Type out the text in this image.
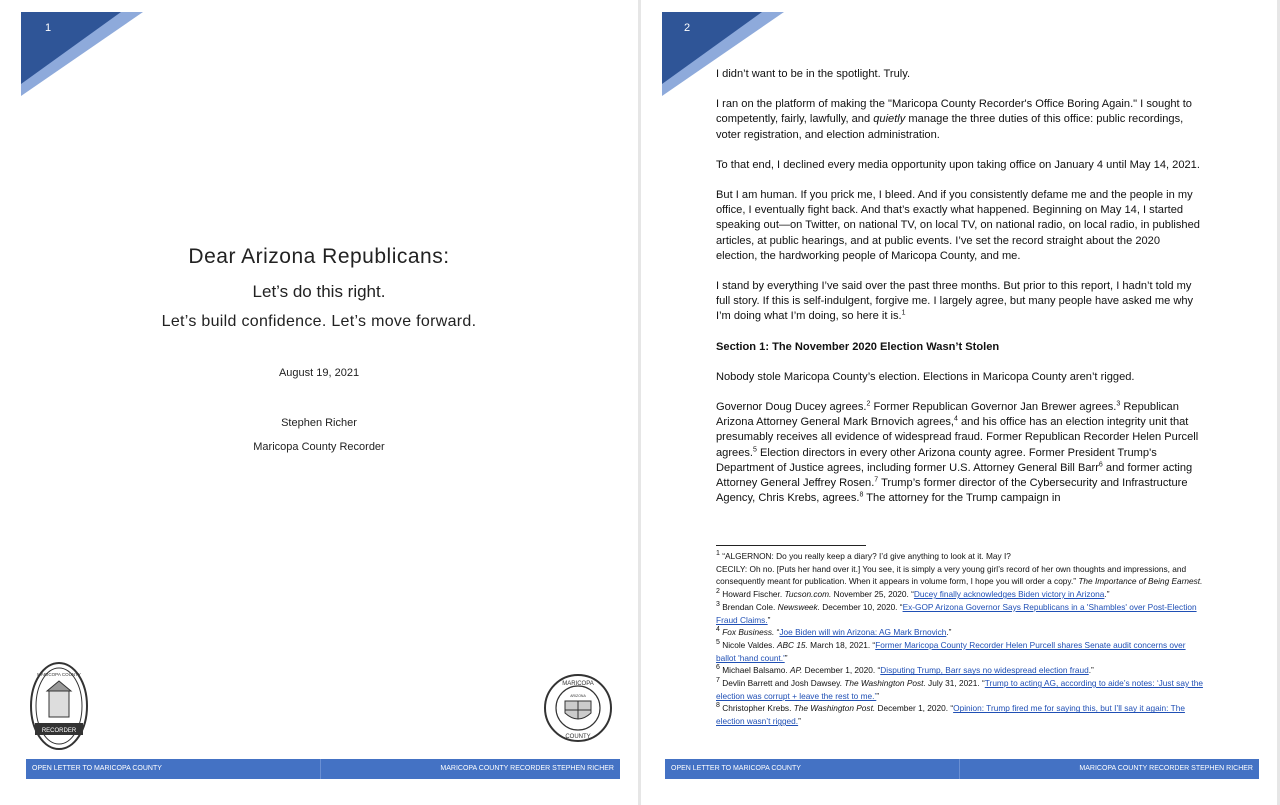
1
Dear Arizona Republicans:
Let’s do this right.
Let’s build confidence. Let’s move forward.
August 19, 2021
Stephen Richer
Maricopa County Recorder
RECORDER
MARICOPA COUNTY
MARICOPA
COUNTY
ARIZONA
OPEN LETTER TO MARICOPA COUNTY	MARICOPA COUNTY RECORDER STEPHEN RICHER
2

I didn’t want to be in the spotlight. Truly.

I ran on the platform of making the "Maricopa County Recorder's Office Boring Again." I sought to competently, fairly, lawfully, and quietly manage the three duties of this office: public recordings, voter registration, and election administration.

To that end, I declined every media opportunity upon taking office on January 4 until May 14, 2021.

But I am human. If you prick me, I bleed. And if you consistently defame me and the people in my office, I eventually fight back. And that’s exactly what happened. Beginning on May 14, I started speaking out—on Twitter, on national TV, on local TV, on national radio, on local radio, in published articles, at public hearings, and at public events. I’ve set the record straight about the 2020 election, the hardworking people of Maricopa County, and me.

I stand by everything I’ve said over the past three months. But prior to this report, I hadn’t told my full story. If this is self-indulgent, forgive me. I largely agree, but many people have asked me why I’m doing what I’m doing, so here it is.$^1$

Section 1: The November 2020 Election Wasn’t Stolen

Nobody stole Maricopa County’s election. Elections in Maricopa County aren’t rigged.

Governor Doug Ducey agrees.$^2$ Former Republican Governor Jan Brewer agrees.$^3$ Republican Arizona Attorney General Mark Brnovich agrees,$^4$ and his office has an election integrity unit that presumably receives all evidence of widespread fraud. Former Republican Recorder Helen Purcell agrees.$^5$ Election directors in every other Arizona county agree. Former President Trump's Department of Justice agrees, including former U.S. Attorney General Bill Barr$^6$ and former acting Attorney General Jeffrey Rosen.$^7$ Trump’s former director of the Cybersecurity and Infrastructure Agency, Chris Krebs, agrees.$^8$ The attorney for the Trump campaign in

$^1$ “ALGERNON: Do you really keep a diary? I’d give anything to look at it. May I?
CECILY: Oh no. [Puts her hand over it.] You see, it is simply a very young girl’s record of her own thoughts and impressions, and consequently meant for publication. When it appears in volume form, I hope you will order a copy.” The Importance of Being Earnest.
$^2$ Howard Fischer. Tucson.com. November 25, 2020. “Ducey finally acknowledges Biden victory in Arizona.”
$^3$ Brendan Cole. Newsweek. December 10, 2020. “Ex-GOP Arizona Governor Says Republicans in a 'Shambles' over Post-Election Fraud Claims.”
$^4$ Fox Business. “Joe Biden will win Arizona: AG Mark Brnovich.”
$^5$ Nicole Valdes. ABC 15. March 18, 2021. “Former Maricopa County Recorder Helen Purcell shares Senate audit concerns over ballot 'hand count.'”
$^6$ Michael Balsamo. AP. December 1, 2020. “Disputing Trump, Barr says no widespread election fraud.”
$^7$ Devlin Barrett and Josh Dawsey. The Washington Post. July 31, 2021. “Trump to acting AG, according to aide’s notes: ‘Just say the election was corrupt + leave the rest to me.’”
$^8$ Christopher Krebs. The Washington Post. December 1, 2020. “Opinion: Trump fired me for saying this, but I’ll say it again: The election wasn’t rigged.”
OPEN LETTER TO MARICOPA COUNTY	MARICOPA COUNTY RECORDER STEPHEN RICHER
